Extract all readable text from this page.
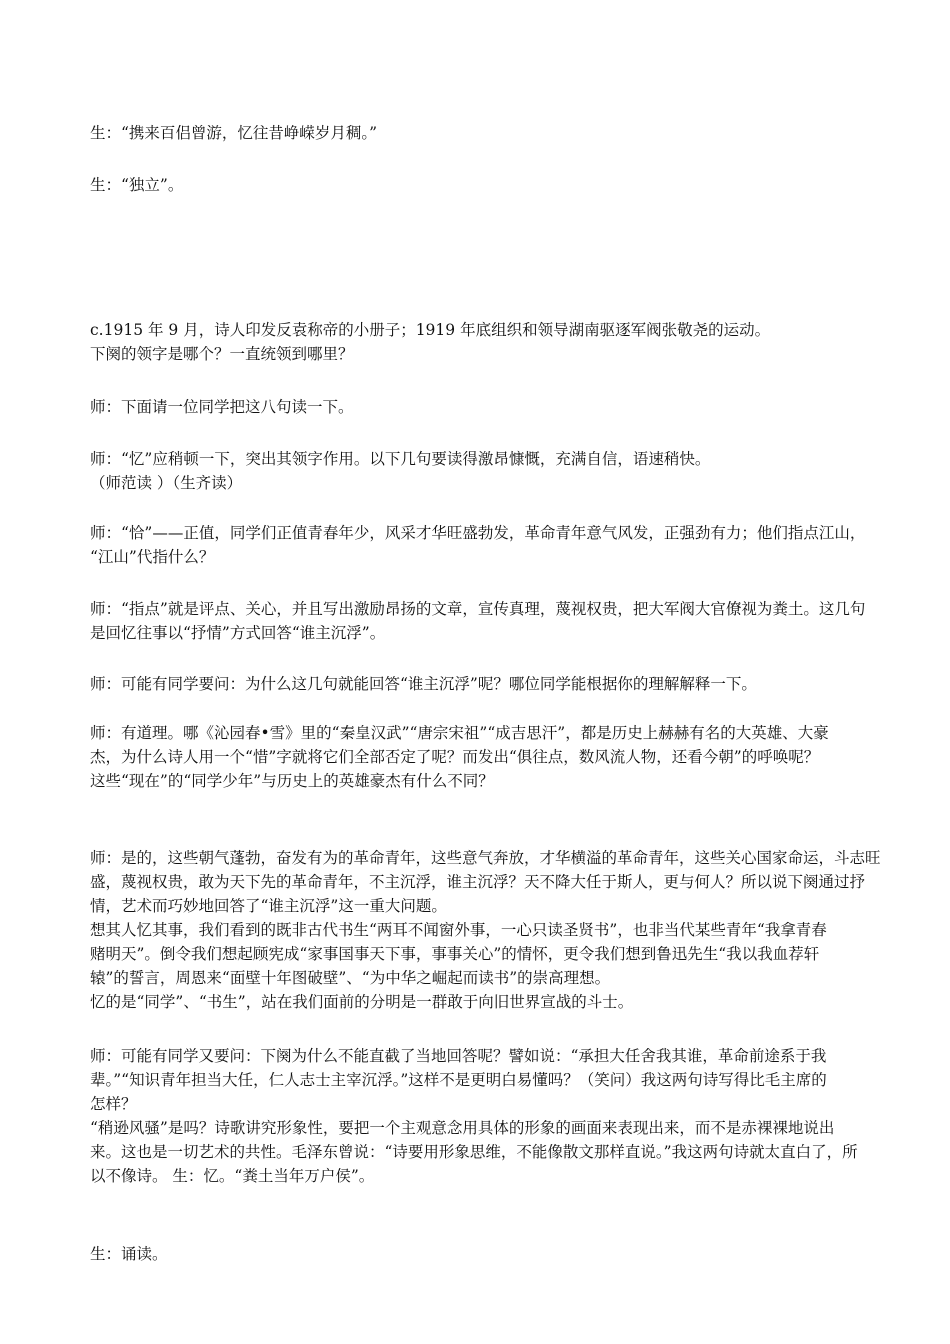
生：“携来百侣曾游，忆往昔峥嵘岁月稠。”
生：“独立”。
c.1915 年 9 月，诗人印发反袁称帝的小册子；1919 年底组织和领导湖南驱逐军阀张敬尧的运动。
下阕的领字是哪个？一直统领到哪里？
师：下面请一位同学把这八句读一下。
师：“忆”应稍顿一下，突出其领字作用。以下几句要读得激昂慷慨，充满自信，语速稍快。
（师范读 ）（生齐读）
师：“恰”——正值，同学们正值青春年少，风采才华旺盛勃发，革命青年意气风发，正强劲有力；他们指点江山，
“江山”代指什么？
师：“指点”就是评点、关心，并且写出激励昂扬的文章，宣传真理，蔑视权贵，把大军阀大官僚视为粪土。这几句
是回忆往事以“抒情”方式回答“谁主沉浮”。
师：可能有同学要问：为什么这几句就能回答“谁主沉浮”呢？哪位同学能根据你的理解解释一下。
师：有道理。哪《沁园春•雪》里的“秦皇汉武”“唐宗宋祖”“成吉思汗”，都是历史上赫赫有名的大英雄、大豪
杰，为什么诗人用一个“惜”字就将它们全部否定了呢？而发出“俱往点，数风流人物，还看今朝”的呼唤呢？
这些“现在”的“同学少年”与历史上的英雄豪杰有什么不同？
师：是的，这些朝气蓬勃，奋发有为的革命青年，这些意气奔放，才华横溢的革命青年，这些关心国家命运，斗志旺
盛，蔑视权贵，敢为天下先的革命青年，不主沉浮，谁主沉浮？天不降大任于斯人，更与何人？所以说下阕通过抒
情，艺术而巧妙地回答了“谁主沉浮”这一重大问题。
想其人忆其事，我们看到的既非古代书生“两耳不闻窗外事，一心只读圣贤书”，也非当代某些青年“我拿青春
赌明天”。倒令我们想起顾宪成“家事国事天下事，事事关心”的情怀，更令我们想到鲁迅先生“我以我血荐轩
辕”的誓言，周恩来“面壁十年图破壁”、“为中华之崛起而读书”的崇高理想。
忆的是“同学”、“书生”，站在我们面前的分明是一群敢于向旧世界宣战的斗士。
师：可能有同学又要问：下阕为什么不能直截了当地回答呢？譬如说：“承担大任舍我其谁，革命前途系于我
辈。”“知识青年担当大任，仁人志士主宰沉浮。”这样不是更明白易懂吗？（笑问）我这两句诗写得比毛主席的
怎样？
“稍逊风骚”是吗？诗歌讲究形象性，要把一个主观意念用具体的形象的画面来表现出来，而不是赤裸裸地说出
来。这也是一切艺术的共性。毛泽东曾说：“诗要用形象思维，不能像散文那样直说。”我这两句诗就太直白了，所
以不像诗。 生：忆。“粪土当年万户侯”。
生：诵读。
